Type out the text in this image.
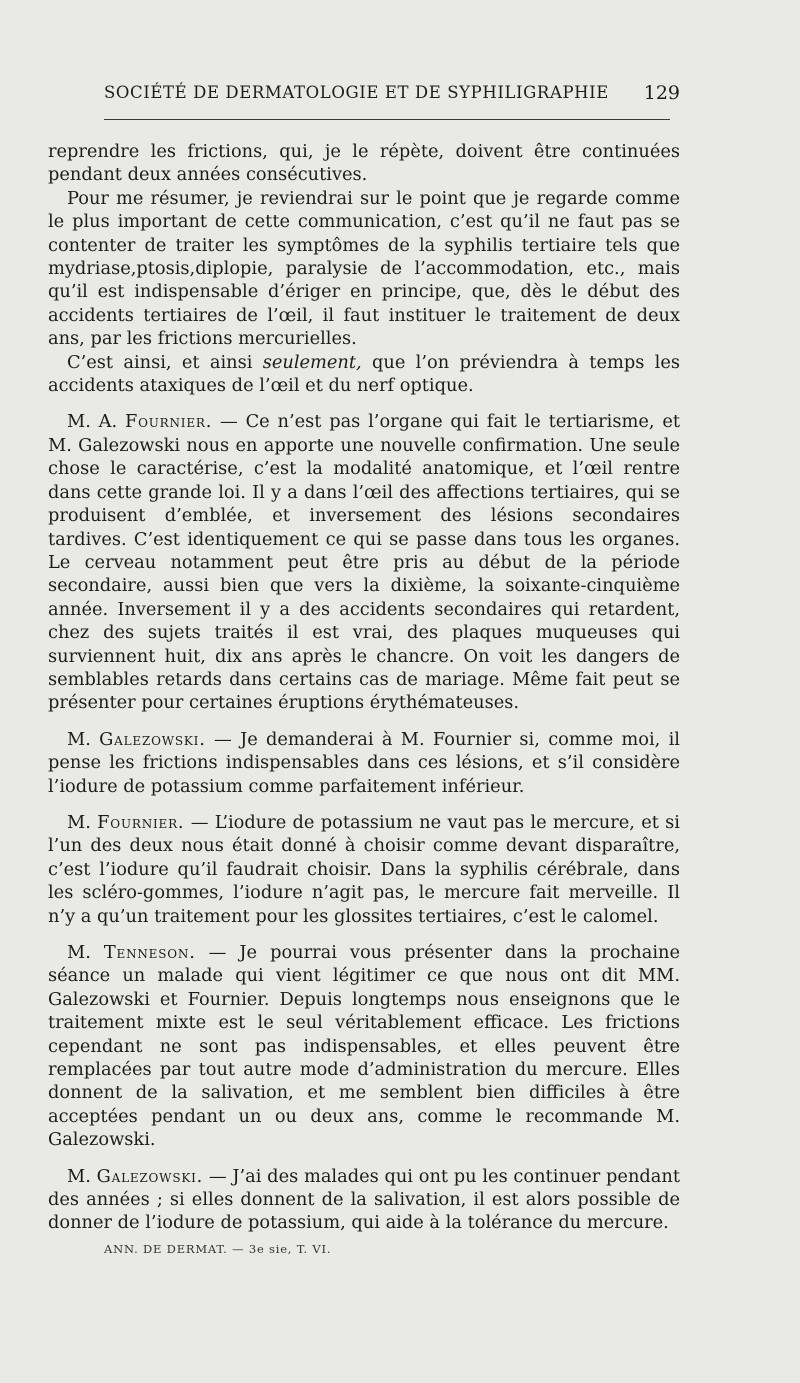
SOCIÉTÉ DE DERMATOLOGIE ET DE SYPHILIGRAPHIE 129

reprendre les frictions, qui, je le répète, doivent être continuées pendant deux années consécutives.

Pour me résumer, je reviendrai sur le point que je regarde comme le plus important de cette communication, c’est qu’il ne faut pas se contenter de traiter les symptômes de la syphilis tertiaire tels que mydriase,ptosis,diplopie, paralysie de l’accommodation, etc., mais qu’il est indispensable d’ériger en principe, que, dès le début des accidents tertiaires de l’œil, il faut instituer le traitement de deux ans, par les frictions mercurielles.

C’est ainsi, et ainsi seulement, que l’on préviendra à temps les accidents ataxiques de l’œil et du nerf optique.

M. A. Fournier. — Ce n’est pas l’organe qui fait le tertiarisme, et M. Galezowski nous en apporte une nouvelle confirmation. Une seule chose le caractérise, c’est la modalité anatomique, et l’œil rentre dans cette grande loi. Il y a dans l’œil des affections tertiaires, qui se produisent d’emblée, et inversement des lésions secondaires tardives. C’est identiquement ce qui se passe dans tous les organes. Le cerveau notamment peut être pris au début de la période secondaire, aussi bien que vers la dixième, la soixante-cinquième année. Inversement il y a des accidents secondaires qui retardent, chez des sujets traités il est vrai, des plaques muqueuses qui surviennent huit, dix ans après le chancre. On voit les dangers de semblables retards dans certains cas de mariage. Même fait peut se présenter pour certaines éruptions érythémateuses.

M. Galezowski. — Je demanderai à M. Fournier si, comme moi, il pense les frictions indispensables dans ces lésions, et s’il considère l’iodure de potassium comme parfaitement inférieur.

M. Fournier. — L’iodure de potassium ne vaut pas le mercure, et si l’un des deux nous était donné à choisir comme devant disparaître, c’est l’iodure qu’il faudrait choisir. Dans la syphilis cérébrale, dans les scléro-gommes, l’iodure n’agit pas, le mercure fait merveille. Il n’y a qu’un traitement pour les glossites tertiaires, c’est le calomel.

M. Tenneson. — Je pourrai vous présenter dans la prochaine séance un malade qui vient légitimer ce que nous ont dit MM. Galezowski et Fournier. Depuis longtemps nous enseignons que le traitement mixte est le seul véritablement efficace. Les frictions cependant ne sont pas indispensables, et elles peuvent être remplacées par tout autre mode d’administration du mercure. Elles donnent de la salivation, et me semblent bien difficiles à être acceptées pendant un ou deux ans, comme le recommande M. Galezowski.

M. Galezowski. — J’ai des malades qui ont pu les continuer pendant des années ; si elles donnent de la salivation, il est alors possible de donner de l’iodure de potassium, qui aide à la tolérance du mercure.

ANN. DE DERMAT. — 3e sie, T. VI.
